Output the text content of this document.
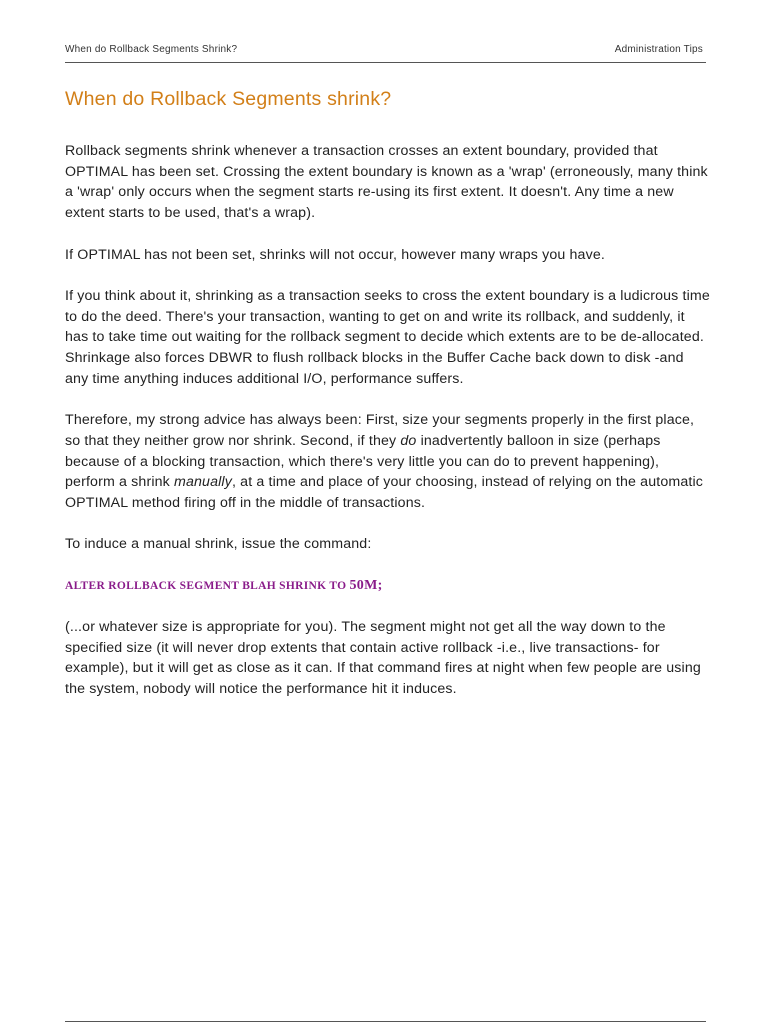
When do Rollback Segments Shrink?	Administration Tips
When do Rollback Segments shrink?

Rollback segments shrink whenever a transaction crosses an extent boundary, provided that OPTIMAL has been set. Crossing the extent boundary is known as a 'wrap' (erroneously, many think a 'wrap' only occurs when the segment starts re-using its first extent. It doesn't. Any time a new extent starts to be used, that's a wrap).

If OPTIMAL has not been set, shrinks will not occur, however many wraps you have.

If you think about it, shrinking as a transaction seeks to cross the extent boundary is a ludicrous time to do the deed. There's your transaction, wanting to get on and write its rollback, and suddenly, it has to take time out waiting for the rollback segment to decide which extents are to be de-allocated. Shrinkage also forces DBWR to flush rollback blocks in the Buffer Cache back down to disk -and any time anything induces additional I/O, performance suffers.

Therefore, my strong advice has always been: First, size your segments properly in the first place, so that they neither grow nor shrink. Second, if they do inadvertently balloon in size (perhaps because of a blocking transaction, which there's very little you can do to prevent happening), perform a shrink manually, at a time and place of your choosing, instead of relying on the automatic OPTIMAL method firing off in the middle of transactions.

To induce a manual shrink, issue the command:

ALTER ROLLBACK SEGMENT BLAH SHRINK TO 50M;

(...or whatever size is appropriate for you). The segment might not get all the way down to the specified size (it will never drop extents that contain active rollback -i.e., live transactions- for example), but it will get as close as it can. If that command fires at night when few people are using the system, nobody will notice the performance hit it induces.
